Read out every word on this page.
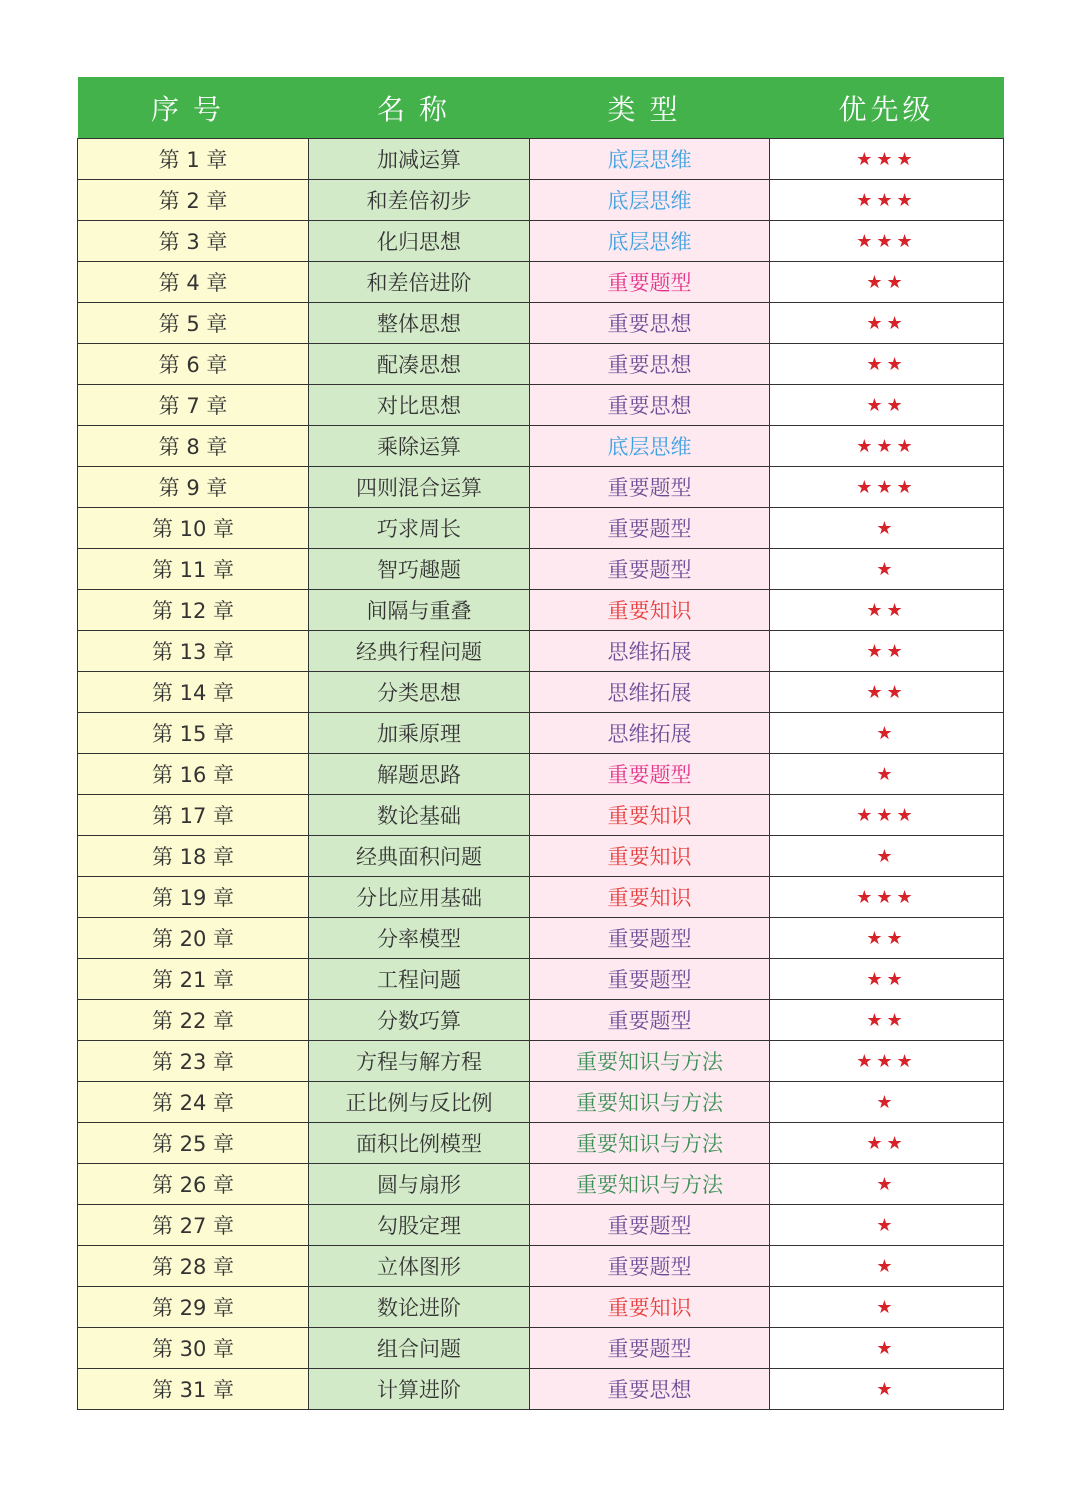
序号	名称	类型	优先级
第 1 章	加减运算	底层思维	★★★
第 2 章	和差倍初步	底层思维	★★★
第 3 章	化归思想	底层思维	★★★
第 4 章	和差倍进阶	重要题型	★★
第 5 章	整体思想	重要思想	★★
第 6 章	配凑思想	重要思想	★★
第 7 章	对比思想	重要思想	★★
第 8 章	乘除运算	底层思维	★★★
第 9 章	四则混合运算	重要题型	★★★
第 10 章	巧求周长	重要题型	★
第 11 章	智巧趣题	重要题型	★
第 12 章	间隔与重叠	重要知识	★★
第 13 章	经典行程问题	思维拓展	★★
第 14 章	分类思想	思维拓展	★★
第 15 章	加乘原理	思维拓展	★
第 16 章	解题思路	重要题型	★
第 17 章	数论基础	重要知识	★★★
第 18 章	经典面积问题	重要知识	★
第 19 章	分比应用基础	重要知识	★★★
第 20 章	分率模型	重要题型	★★
第 21 章	工程问题	重要题型	★★
第 22 章	分数巧算	重要题型	★★
第 23 章	方程与解方程	重要知识与方法	★★★
第 24 章	正比例与反比例	重要知识与方法	★
第 25 章	面积比例模型	重要知识与方法	★★
第 26 章	圆与扇形	重要知识与方法	★
第 27 章	勾股定理	重要题型	★
第 28 章	立体图形	重要题型	★
第 29 章	数论进阶	重要知识	★
第 30 章	组合问题	重要题型	★
第 31 章	计算进阶	重要思想	★
